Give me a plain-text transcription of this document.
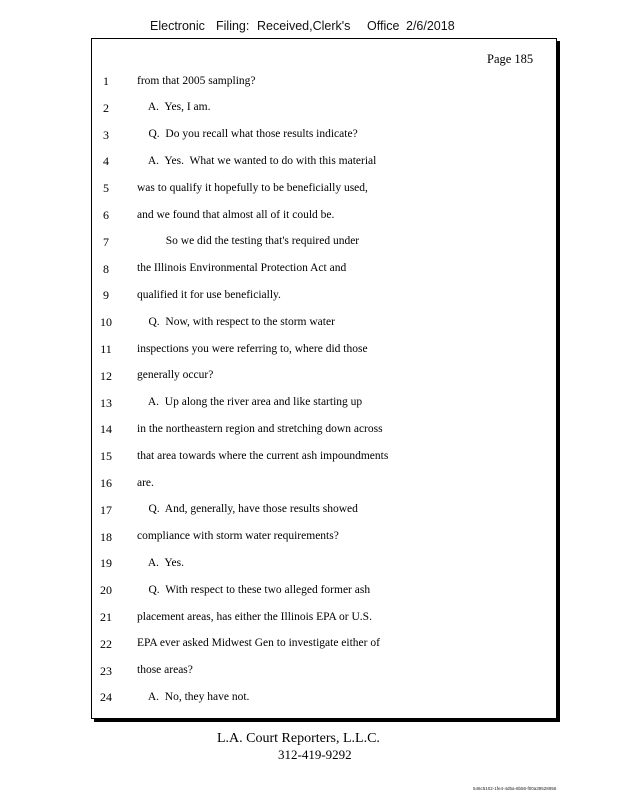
Electronic Filing: Received,Clerk's Office 2/6/2018
Page 185
1	from that 2005 sampling?
2	A.  Yes, I am.
3	Q.  Do you recall what those results indicate?
4	A.  Yes.  What we wanted to do with this material
5	was to qualify it hopefully to be beneficially used,
6	and we found that almost all of it could be.
7	So we did the testing that's required under
8	the Illinois Environmental Protection Act and
9	qualified it for use beneficially.
10	Q.  Now, with respect to the storm water
11	inspections you were referring to, where did those
12	generally occur?
13	A.  Up along the river area and like starting up
14	in the northeastern region and stretching down across
15	that area towards where the current ash impoundments
16	are.
17	Q.  And, generally, have those results showed
18	compliance with storm water requirements?
19	A.  Yes.
20	Q.  With respect to these two alleged former ash
21	placement areas, has either the Illinois EPA or U.S.
22	EPA ever asked Midwest Gen to investigate either of
23	those areas?
24	A.  No, they have not.
L.A. Court Reporters, L.L.C.
312-419-9292
546c5102-1fe4-4d5a-8b56-f00a39528956
